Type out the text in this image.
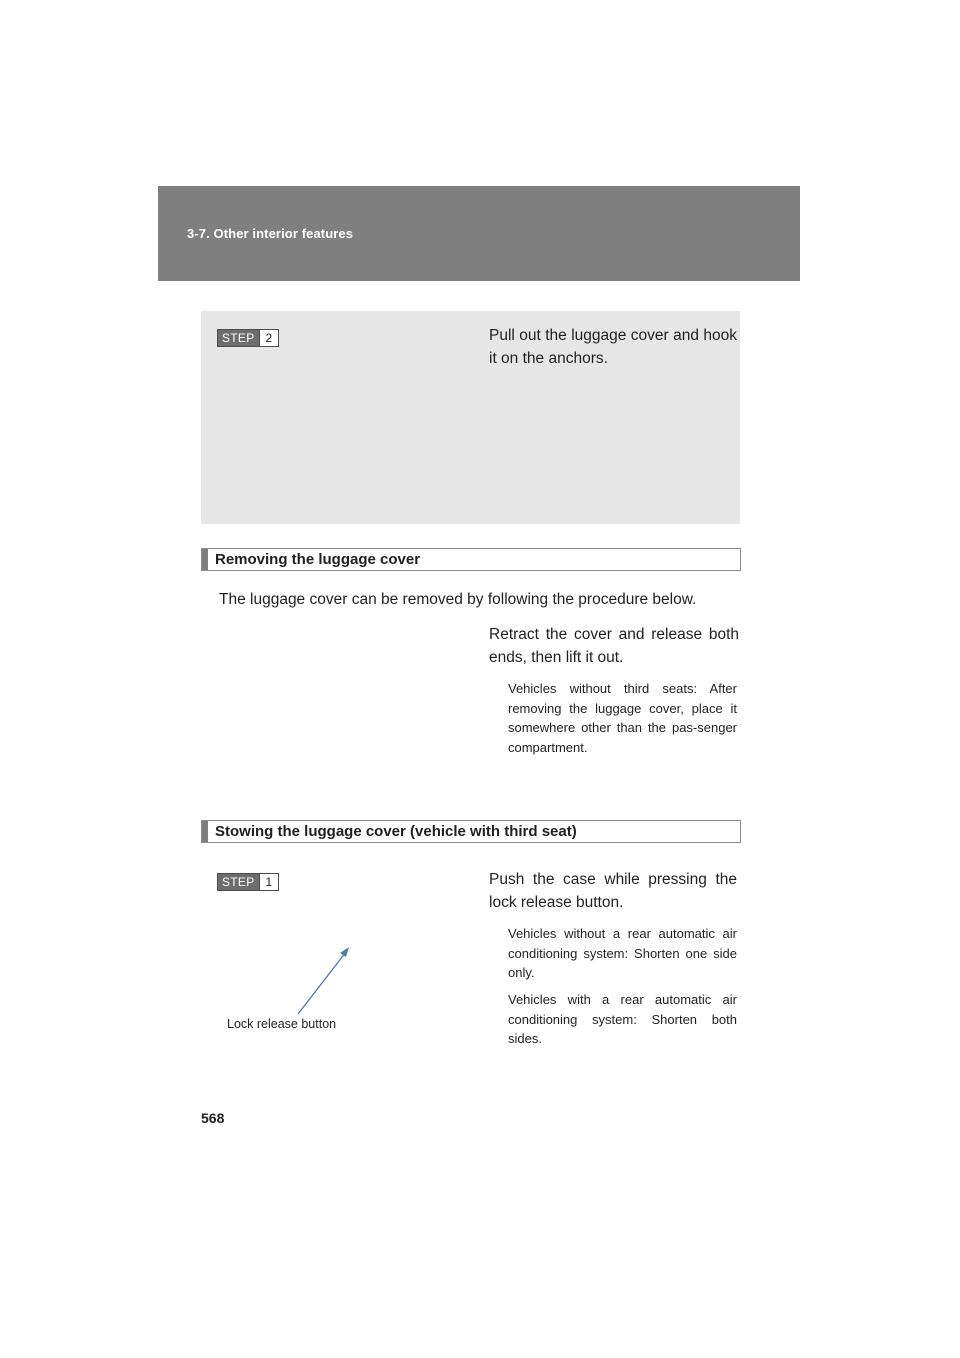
3-7. Other interior features
STEP 2	Pull out the luggage cover and hook it on the anchors.
Removing the luggage cover
The luggage cover can be removed by following the procedure below.
Retract the cover and release both ends, then lift it out.
Vehicles without third seats: After removing the luggage cover, place it somewhere other than the pas-senger compartment.
Stowing the luggage cover (vehicle with third seat)
STEP 1	Push the case while pressing the lock release button.
Vehicles without a rear automatic air conditioning system: Shorten one side only.
Vehicles with a rear automatic air conditioning system: Shorten both sides.
Lock release button
568
